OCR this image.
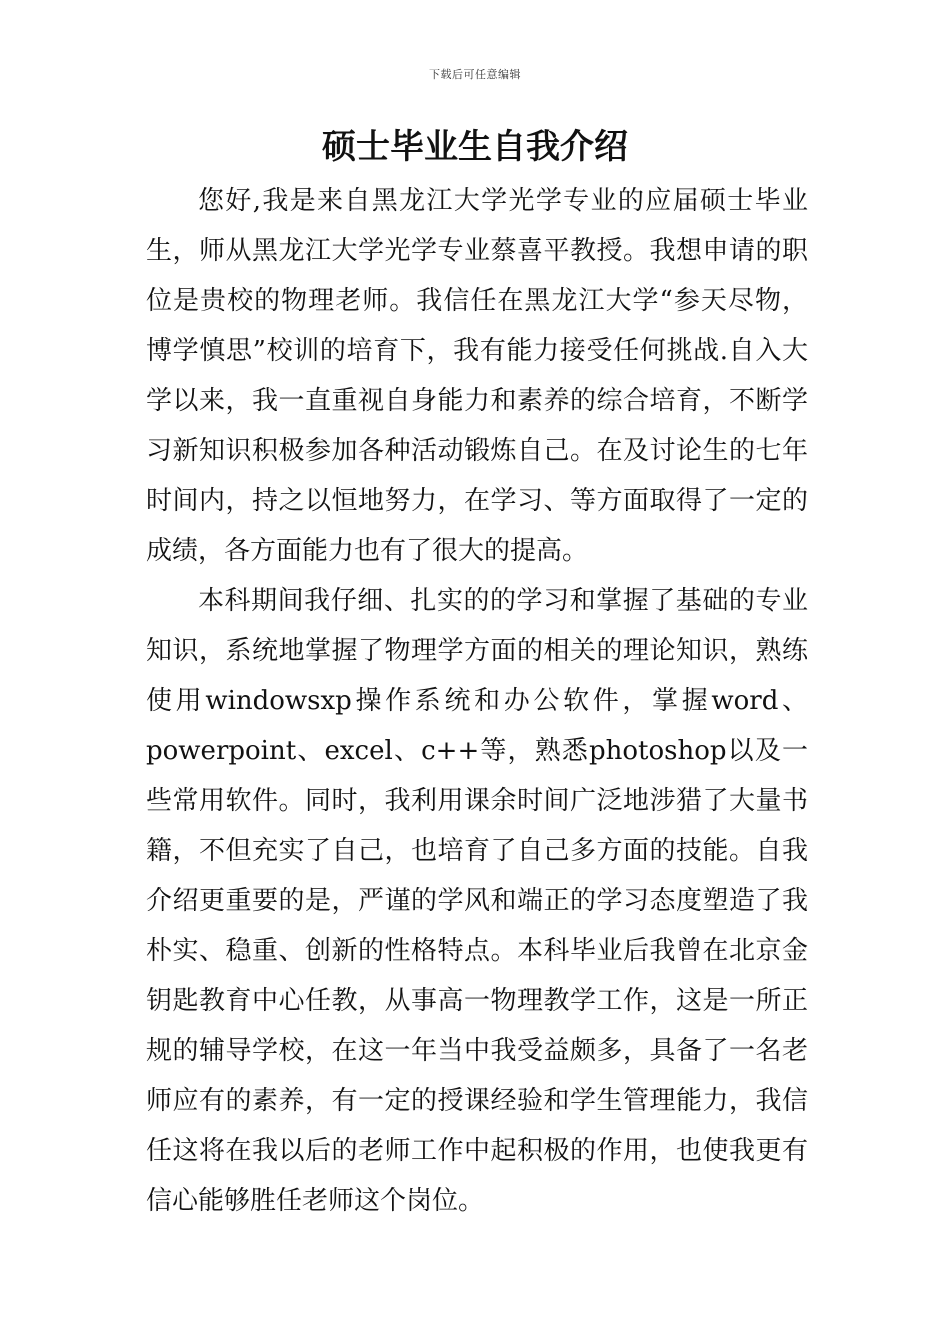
下载后可任意编辑
硕士毕业生自我介绍

您好,我是来自黑龙江大学光学专业的应届硕士毕业生，师从黑龙江大学光学专业蔡喜平教授。我想申请的职位是贵校的物理老师。我信任在黑龙江大学“参天尽物，博学慎思”校训的培育下，我有能力接受任何挑战.自入大学以来，我一直重视自身能力和素养的综合培育，不断学习新知识积极参加各种活动锻炼自己。在及讨论生的七年时间内，持之以恒地努力，在学习、等方面取得了一定的成绩，各方面能力也有了很大的提高。

本科期间我仔细、扎实的的学习和掌握了基础的专业知识，系统地掌握了物理学方面的相关的理论知识，熟练使用windowsxp操作系统和办公软件，掌握word、powerpoint、excel、c++等，熟悉photoshop以及一些常用软件。同时，我利用课余时间广泛地涉猎了大量书籍，不但充实了自己，也培育了自己多方面的技能。自我介绍更重要的是，严谨的学风和端正的学习态度塑造了我朴实、稳重、创新的性格特点。本科毕业后我曾在北京金钥匙教育中心任教，从事高一物理教学工作，这是一所正规的辅导学校，在这一年当中我受益颇多，具备了一名老师应有的素养，有一定的授课经验和学生管理能力，我信任这将在我以后的老师工作中起积极的作用，也使我更有信心能够胜任老师这个岗位。
